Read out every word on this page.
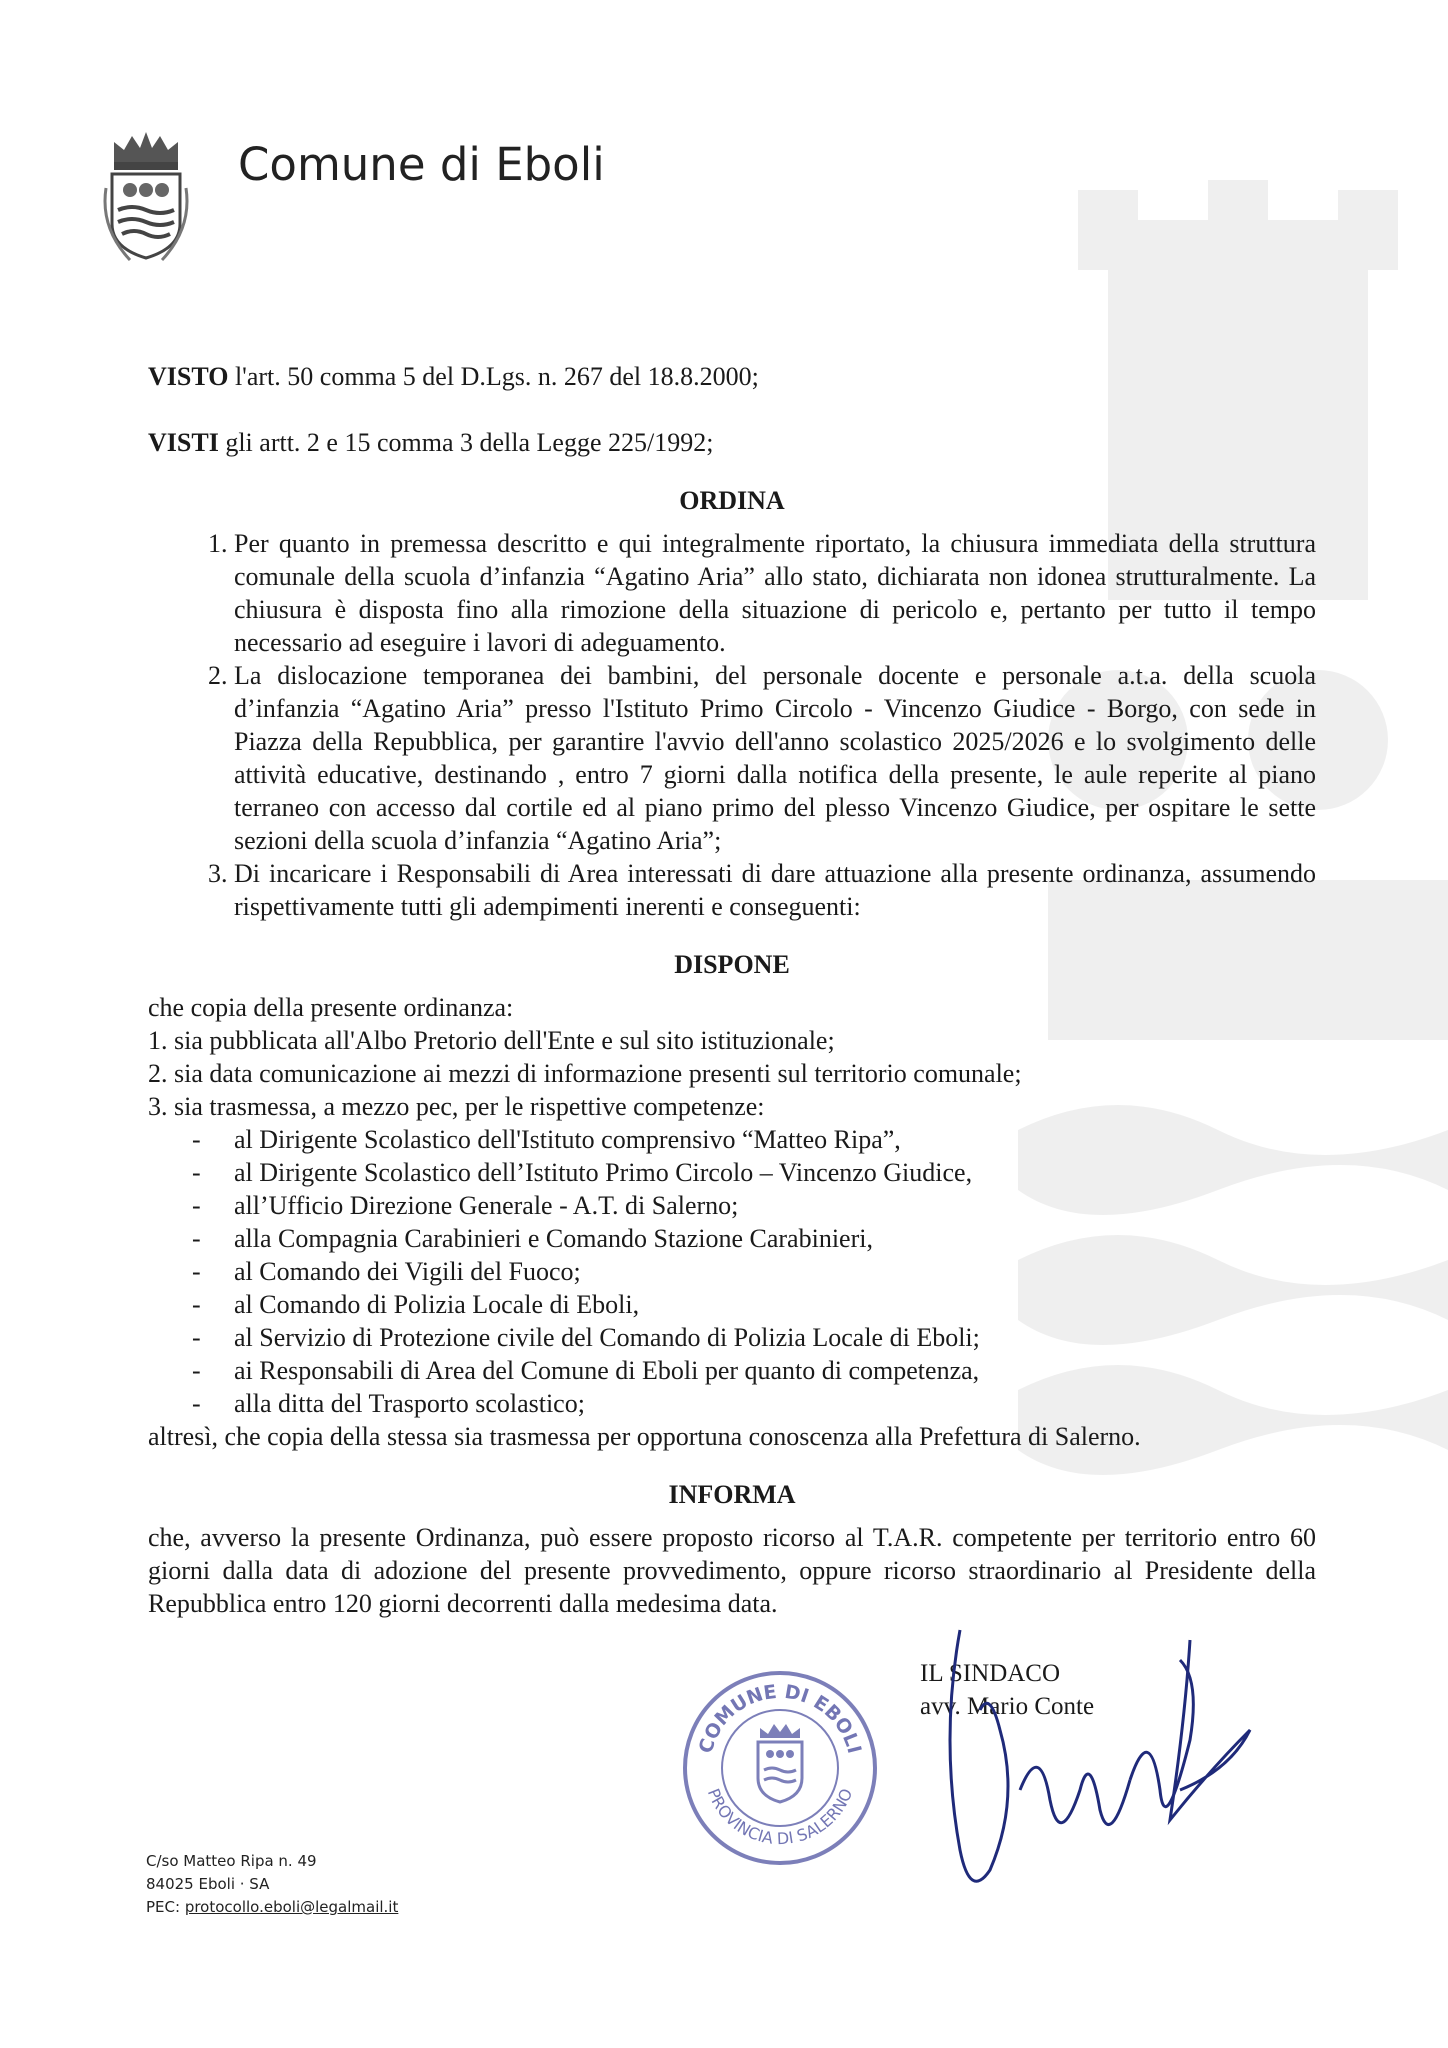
Comune di Eboli

VISTO l'art. 50 comma 5 del D.Lgs. n. 267 del 18.8.2000;

VISTI gli artt. 2 e 15 comma 3 della Legge 225/1992;

ORDINA
1. Per quanto in premessa descritto e qui integralmente riportato, la chiusura immediata della struttura comunale della scuola d’infanzia “Agatino Aria” allo stato, dichiarata non idonea strutturalmente. La chiusura è disposta fino alla rimozione della situazione di pericolo e, pertanto per tutto il tempo necessario ad eseguire i lavori di adeguamento.
2. La dislocazione temporanea dei bambini, del personale docente e personale a.t.a. della scuola d’infanzia “Agatino Aria” presso l'Istituto Primo Circolo - Vincenzo Giudice - Borgo, con sede in Piazza della Repubblica, per garantire l'avvio dell'anno scolastico 2025/2026 e lo svolgimento delle attività educative, destinando , entro 7 giorni dalla notifica della presente, le aule reperite al piano terraneo con accesso dal cortile ed al piano primo del plesso Vincenzo Giudice, per ospitare le sette sezioni della scuola d’infanzia “Agatino Aria”;
3. Di incaricare i Responsabili di Area interessati di dare attuazione alla presente ordinanza, assumendo rispettivamente tutti gli adempimenti inerenti e conseguenti:
DISPONE

che copia della presente ordinanza:

1. sia pubblicata all'Albo Pretorio dell'Ente e sul sito istituzionale;

2. sia data comunicazione ai mezzi di informazione presenti sul territorio comunale;

3. sia trasmessa, a mezzo pec, per le rispettive competenze:

- al Dirigente Scolastico dell'Istituto comprensivo “Matteo Ripa”,
- al Dirigente Scolastico dell’Istituto Primo Circolo – Vincenzo Giudice,
- all’Ufficio Direzione Generale - A.T. di Salerno;
- alla Compagnia Carabinieri e Comando Stazione Carabinieri,
- al Comando dei Vigili del Fuoco;
- al Comando di Polizia Locale di Eboli,
- al Servizio di Protezione civile del Comando di Polizia Locale di Eboli;
- ai Responsabili di Area del Comune di Eboli per quanto di competenza,
- alla ditta del Trasporto scolastico;

altresì, che copia della stessa sia trasmessa per opportuna conoscenza alla Prefettura di Salerno.

INFORMA

che, avverso la presente Ordinanza, può essere proposto ricorso al T.A.R. competente per territorio entro 60 giorni dalla data di adozione del presente provvedimento, oppure ricorso straordinario al Presidente della Repubblica entro 120 giorni decorrenti dalla medesima data.

COMUNE DI EBOLI
PROVINCIA DI SALERNO
IL SINDACO
avv. Mario Conte
C/so Matteo Ripa n. 49
84025 Eboli · SA
PEC: protocollo.eboli@legalmail.it
